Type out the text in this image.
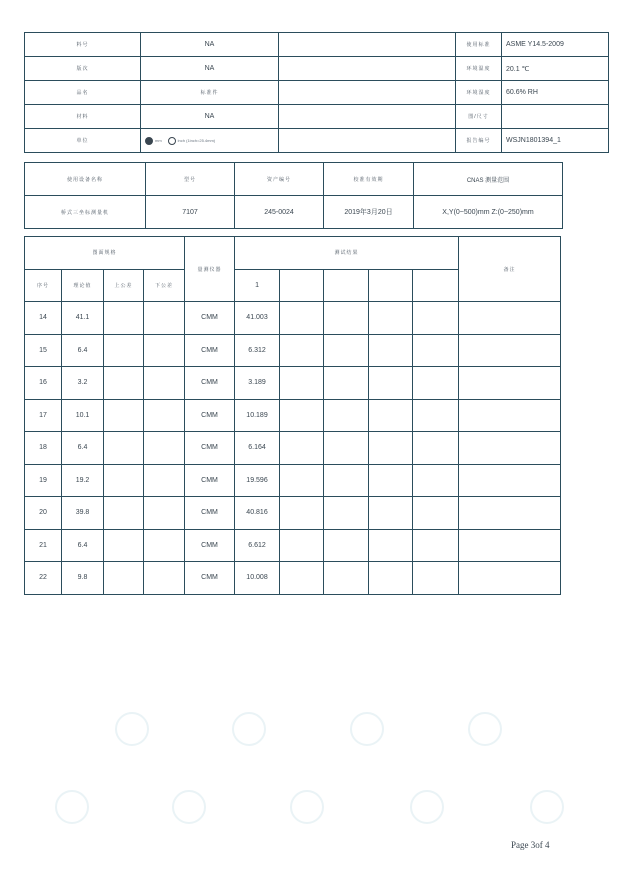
料号	NA		使用标准	ASME Y14.5-2009
版次	NA		环境温度	20.1 ℃
品名	标准件		环境湿度	60.6% RH
材料	NA		图/尺寸	
单位	mm inch (1inch=25.4mm)		报告编号	WSJN1801394_1
使用设备名称	型号	资产编号	校准有效期	CNAS 测量范围
桥式三坐标测量机	7107	245-0024	2019年3月20日	X,Y(0~500)mm Z:(0~250)mm
图面规格				量测仪器	测试结果					备注
序号	理论值	上公差	下公差		1					
14	41.1			CMM	41.003					
15	6.4			CMM	6.312					
16	3.2			CMM	3.189					
17	10.1			CMM	10.189					
18	6.4			CMM	6.164					
19	19.2			CMM	19.596					
20	39.8			CMM	40.816					
21	6.4			CMM	6.612					
22	9.8			CMM	10.008					
Page 3of 4
